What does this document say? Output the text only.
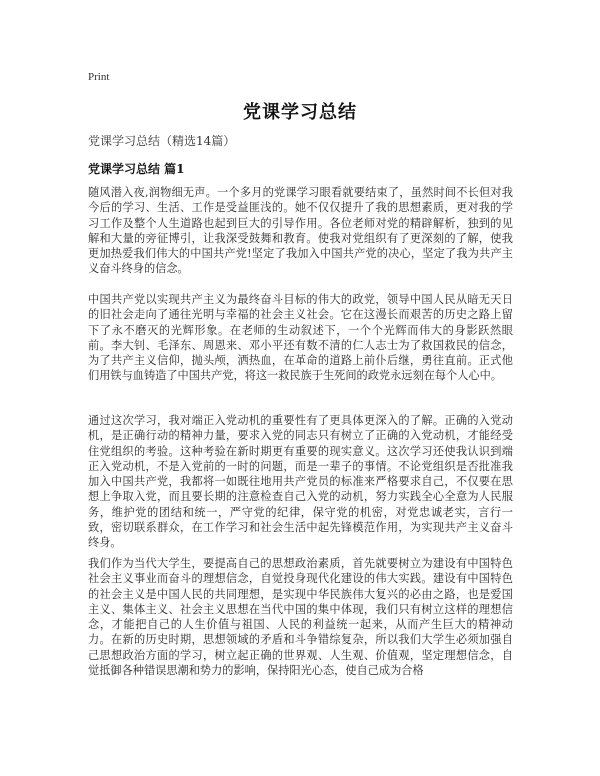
Print
党课学习总结
党课学习总结（精选14篇）
党课学习总结 篇1

随风潜入夜,润物细无声。一个多月的党课学习眼看就要结束了，虽然时间不长但对我今后的学习、生活、工作是受益匪浅的。她不仅仅提升了我的思想素质，更对我的学习工作及整个人生道路也起到巨大的引导作用。各位老师对党的精辟解析，独到的见解和大量的旁征博引，让我深受鼓舞和教育。使我对党组织有了更深刻的了解，使我更加热爱我们伟大的中国共产党!坚定了我加入中国共产党的决心，坚定了我为共产主义奋斗终身的信念。

中国共产党以实现共产主义为最终奋斗目标的伟大的政党，领导中国人民从暗无天日的旧社会走向了通往光明与幸福的社会主义社会。它在这漫长而艰苦的历史之路上留下了永不磨灭的光辉形象。在老师的生动叙述下，一个个光辉而伟大的身影跃然眼前。李大钊、毛泽东、周恩来、邓小平还有数不清的仁人志士为了救国救民的信念，为了共产主义信仰，抛头颅，洒热血，在革命的道路上前仆后继，勇往直前。正式他们用铁与血铸造了中国共产党，将这一救民族于生死间的政党永远刻在每个人心中。

通过这次学习，我对端正入党动机的重要性有了更具体更深入的了解。正确的入党动机，是正确行动的精神力量，要求入党的同志只有树立了正确的入党动机，才能经受住党组织的考验。这种考验在新时期更有重要的现实意义。这次学习还使我认识到端正入党动机，不是入党前的一时的问题，而是一辈子的事情。不论党组织是否批准我加入中国共产党，我都将一如既往地用共产党员的标准来严格要求自己，不仅要在思想上争取入党，而且要长期的注意检查自己入党的动机，努力实践全心全意为人民服务，维护党的团结和统一，严守党的纪律，保守党的机密，对党忠诚老实，言行一致，密切联系群众，在工作学习和社会生活中起先锋模范作用，为实现共产主义奋斗终身。

我们作为当代大学生，要提高自己的思想政治素质，首先就要树立为建设有中国特色社会主义事业而奋斗的理想信念，自觉投身现代化建设的伟大实践。建设有中国特色的社会主义是中国人民的共同理想，是实现中华民族伟大复兴的必由之路，也是爱国主义、集体主义、社会主义思想在当代中国的集中体现，我们只有树立这样的理想信念，才能把自己的人生价值与祖国、人民的利益统一起来，从而产生巨大的精神动力。在新的历史时期，思想领域的矛盾和斗争错综复杂，所以我们大学生必须加强自己思想政治方面的学习，树立起正确的世界观、人生观、价值观，坚定理想信念，自觉抵御各种错误思潮和势力的影响，保持阳光心态，使自己成为合格
